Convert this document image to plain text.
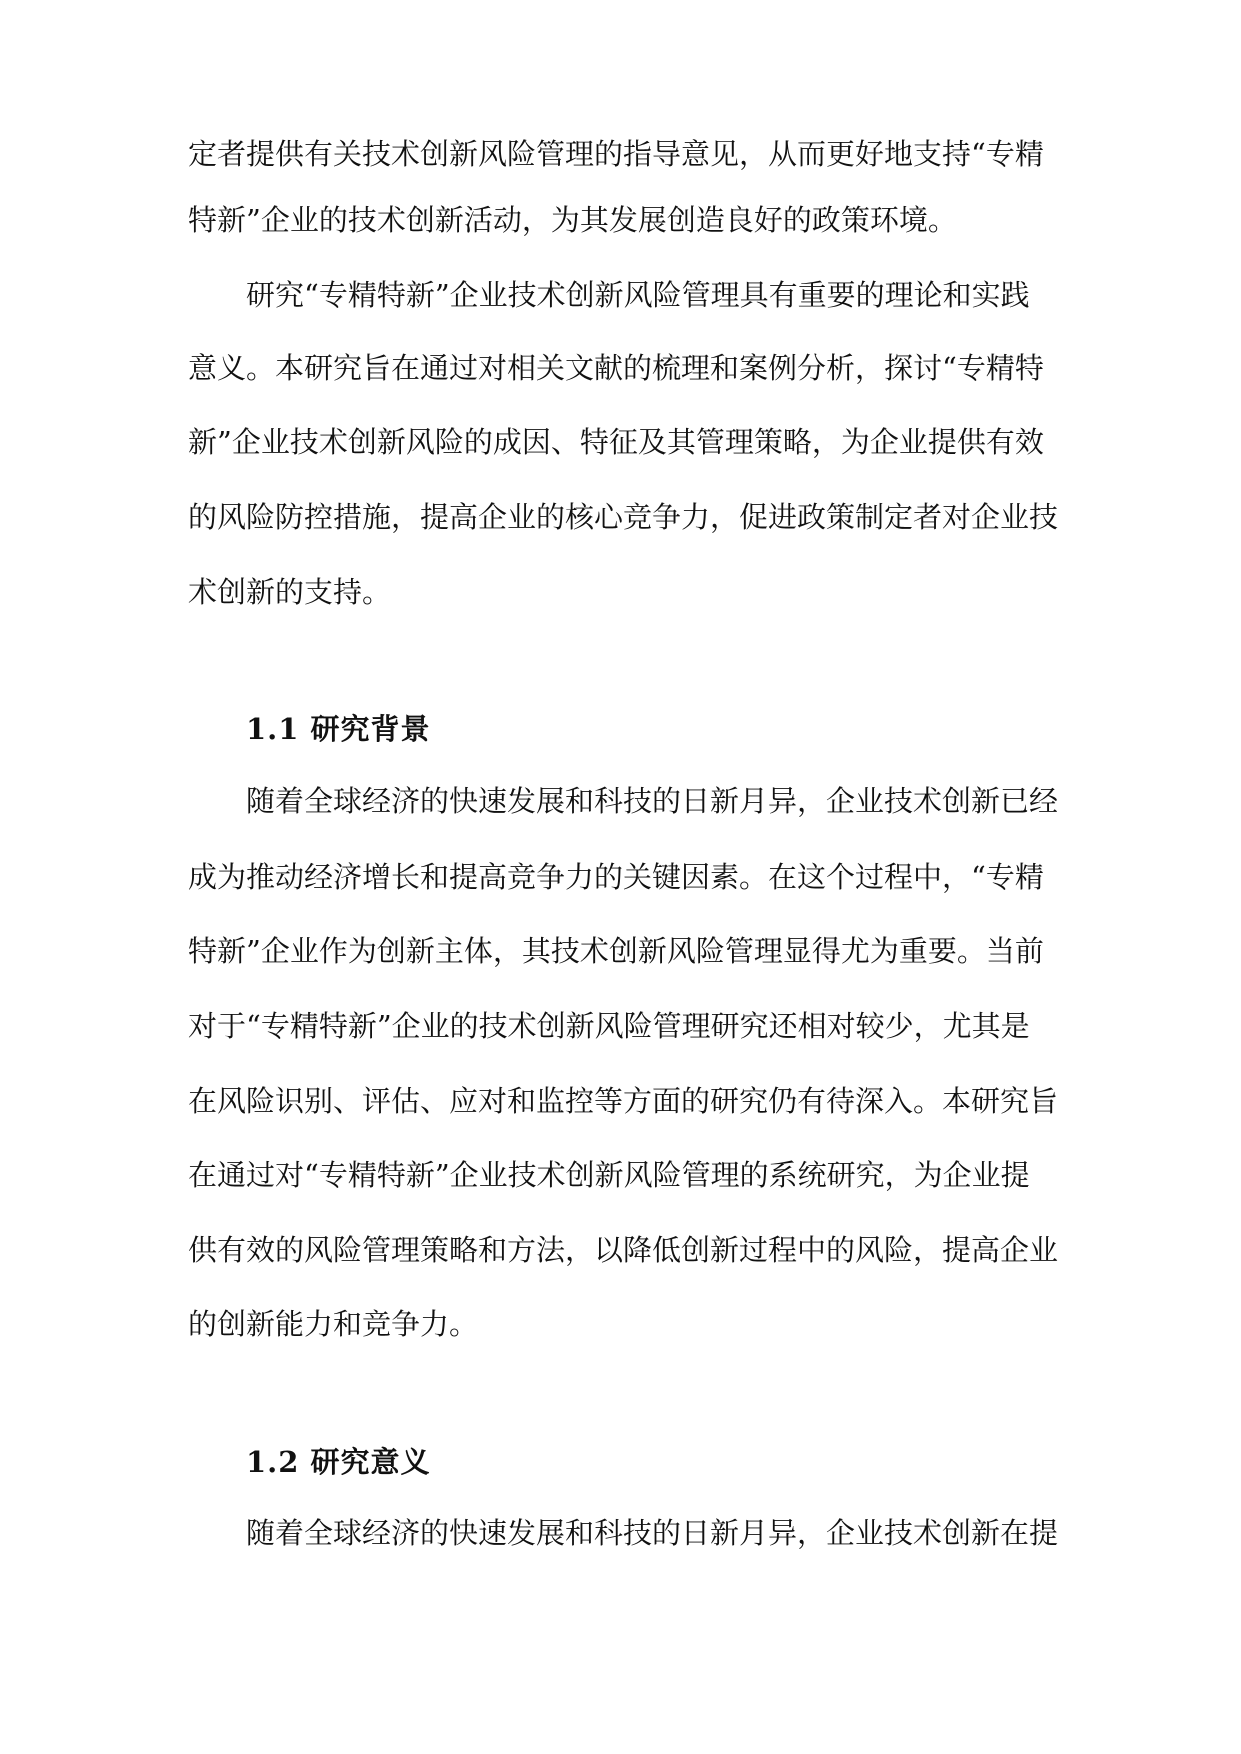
定者提供有关技术创新风险管理的指导意见，从而更好地支持“专精
特新”企业的技术创新活动，为其发展创造良好的政策环境。
研究“专精特新”企业技术创新风险管理具有重要的理论和实践
意义。本研究旨在通过对相关文献的梳理和案例分析，探讨“专精特
新”企业技术创新风险的成因、特征及其管理策略，为企业提供有效
的风险防控措施，提高企业的核心竞争力，促进政策制定者对企业技
术创新的支持。
1.1 研究背景
随着全球经济的快速发展和科技的日新月异，企业技术创新已经
成为推动经济增长和提高竞争力的关键因素。在这个过程中，“专精
特新”企业作为创新主体，其技术创新风险管理显得尤为重要。当前
对于“专精特新”企业的技术创新风险管理研究还相对较少，尤其是
在风险识别、评估、应对和监控等方面的研究仍有待深入。本研究旨
在通过对“专精特新”企业技术创新风险管理的系统研究，为企业提
供有效的风险管理策略和方法，以降低创新过程中的风险，提高企业
的创新能力和竞争力。
1.2 研究意义
随着全球经济的快速发展和科技的日新月异，企业技术创新在提
